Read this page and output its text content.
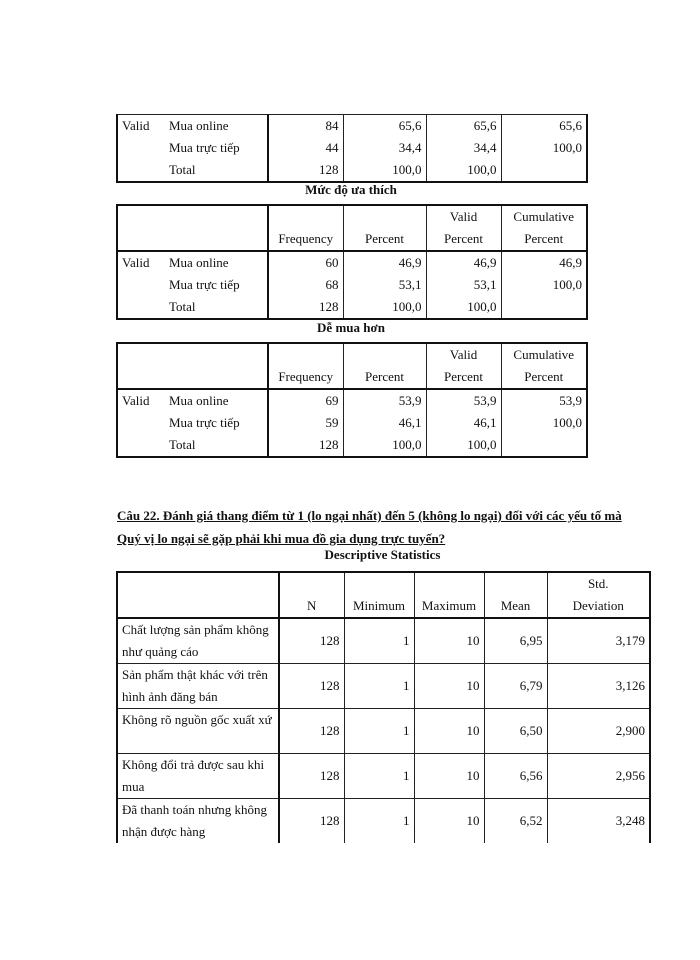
Valid	Mua online	84	65,6	65,6	65,6
	Mua trực tiếp	44	34,4	34,4	100,0
	Total	128	100,0	100,0	
Mức độ ưa thích
		Frequency	Percent	Valid	Cumulative
				Percent	Percent
Valid	Mua online	60	46,9	46,9	46,9
	Mua trực tiếp	68	53,1	53,1	100,0
	Total	128	100,0	100,0	
Dễ mua hơn
		Frequency	Percent	Valid	Cumulative
				Percent	Percent
Valid	Mua online	69	53,9	53,9	53,9
	Mua trực tiếp	59	46,1	46,1	100,0
	Total	128	100,0	100,0	
Câu 22. Đánh giá thang điểm từ 1 (lo ngại nhất) đến 5 (không lo ngại) đối với các yếu tố mà Quý vị lo ngại sẽ gặp phải khi mua đồ gia dụng trực tuyến?
Descriptive Statistics
	N	Minimum	Maximum	Mean	Std.
					Deviation
Chất lượng sản phẩm không như quảng cáo	128	1	10	6,95	3,179
Sản phẩm thật khác với trên hình ảnh đăng bán	128	1	10	6,79	3,126
Không rõ nguồn gốc xuất xứ	128	1	10	6,50	2,900
Không đổi trả được sau khi mua	128	1	10	6,56	2,956
Đã thanh toán nhưng không nhận được hàng	128	1	10	6,52	3,248
